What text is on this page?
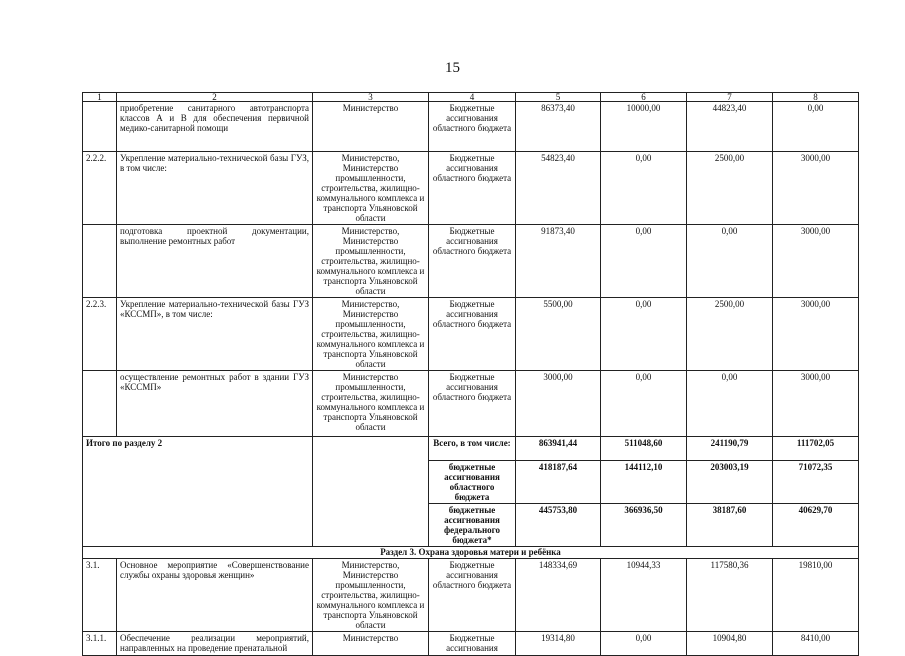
15
1	2	3	4	5	6	7	8
	приобретение санитарного автотранспорта классов А и В для обеспечения первичной медико-санитарной помощи	Министерство	Бюджетные ассигнования областного бюджета	86373,40	10000,00	44823,40	0,00
2.2.2.	Укрепление материально-технической базы ГУЗ, в том числе:	Министерство, Министерство промышленности, строительства, жилищно-коммунального комплекса и транспорта Ульяновской области	Бюджетные ассигнования областного бюджета	54823,40	0,00	2500,00	3000,00
	подготовка проектной документации, выполнение ремонтных работ	Министерство, Министерство промышленности, строительства, жилищно-коммунального комплекса и транспорта Ульяновской области	Бюджетные ассигнования областного бюджета	91873,40	0,00	0,00	3000,00
2.2.3.	Укрепление материально-технической базы ГУЗ «КССМП», в том числе:	Министерство, Министерство промышленности, строительства, жилищно-коммунального комплекса и транспорта Ульяновской области	Бюджетные ассигнования областного бюджета	5500,00	0,00	2500,00	3000,00
	осуществление ремонтных работ в здании ГУЗ «КССМП»	Министерство промышленности, строительства, жилищно-коммунального комплекса и транспорта Ульяновской области	Бюджетные ассигнования областного бюджета	3000,00	0,00	0,00	3000,00
Итого по разделу 2			Всего, в том числе:	863941,44	511048,60	241190,79	111702,05
			бюджетные ассигнования областного бюджета	418187,64	144112,10	203003,19	71072,35
			бюджетные ассигнования федерального бюджета*	445753,80	366936,50	38187,60	40629,70
Раздел 3. Охрана здоровья матери и ребёнка							
3.1.	Основное мероприятие «Совершенствование службы охраны здоровья женщин»	Министерство, Министерство промышленности, строительства, жилищно-коммунального комплекса и транспорта Ульяновской области	Бюджетные ассигнования областного бюджета	148334,69	10944,33	117580,36	19810,00
3.1.1.	Обеспечение реализации мероприятий, направленных на проведение пренатальной	Министерство	Бюджетные ассигнования	19314,80	0,00	10904,80	8410,00
